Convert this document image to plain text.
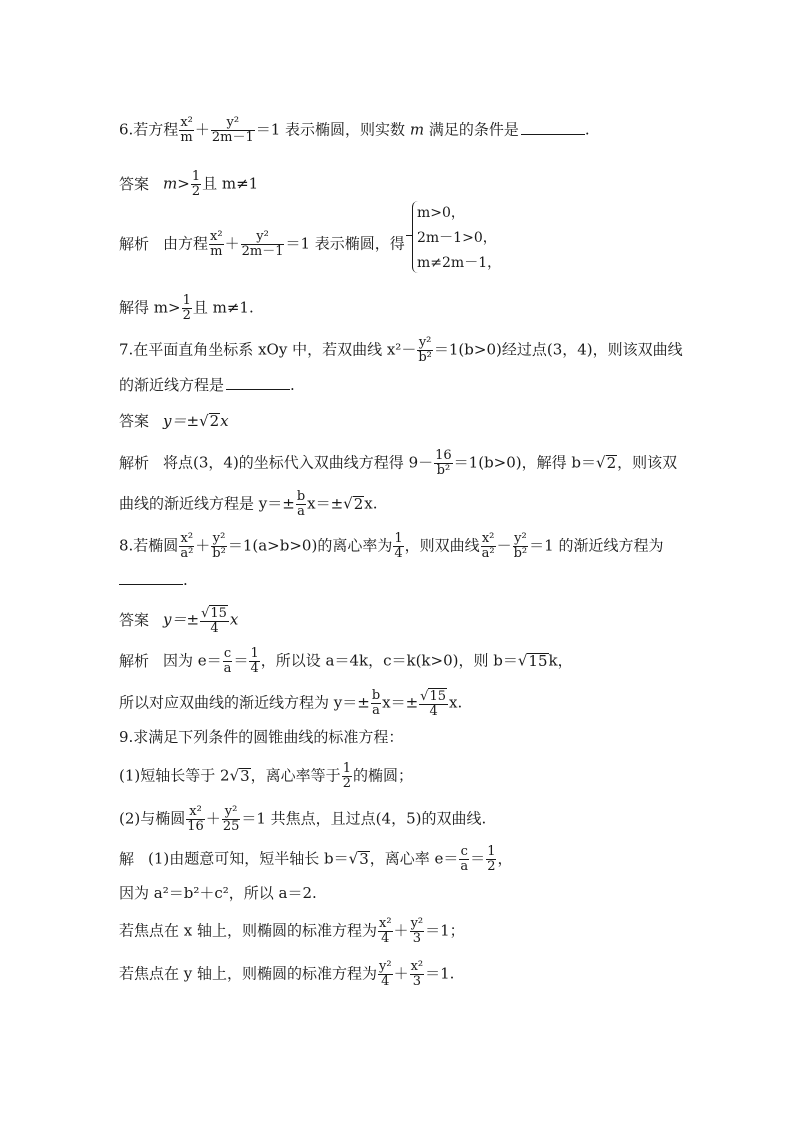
6.若方程 $\frac{\text{x²}}{m} + \frac{\text{y²}}{2m-1} =1$ 表示椭圆，则实数 m 满足的条件是	.
答案 $m> \frac{1}{2}$ 且 m≠1
解析 由方程 $\frac{\text{x²}}{m} + \frac{\text{y²}}{2m-1} =1$ 表示椭圆，得
m>0，
2m－1>0，
m≠2m－1，
解得 $m> \frac{1}{2}$ 且 m≠1.
7.在平面直角坐标系 xOy 中，若双曲线 $x^2- \frac{\text{y²}}{\text{b²}} =1(b>0)$经过点(3，4)，则该双曲线
的渐近线方程是	.
答案 y＝±√2x
解析 将点(3，4)的坐标代入双曲线方程得 $9- \frac{16}{\text{b²}} =1(b>0)$，解得 b＝√2，则该双
曲线的渐近线方程是 $y=\pm \frac{b}{a} x=\pm√2x$.
8.若椭圆 $\frac{\text{x²}}{\text{a²}} + \frac{\text{y²}}{\text{b²}} =1(a>b>0)$的离心率为 $\frac{1}{4}$ ，则双曲线 $\frac{\text{x²}}{\text{a²}} - \frac{\text{y²}}{\text{b²}} =1$ 的渐近线方程为
.
答案 $y=\pm \frac{√15}{4}$ x
解析 因为 $e= \frac{c}{a} = \frac{1}{4}$ ，所以设 a＝4k，c＝k(k>0)，则 b＝√15k，
所以对应双曲线的渐近线方程为 $y=\pm \frac{b}{a} x=\pm \frac{√15}{4} x$.
9.求满足下列条件的圆锥曲线的标准方程：
(1)短轴长等于 2√3，离心率等于 $\frac{1}{2}$ 的椭圆；
(2)与椭圆 $\frac{\text{x²}}{16} + \frac{\text{y²}}{25} =1$ 共焦点，且过点(4，5)的双曲线.
解 (1)由题意可知，短半轴长 b＝√3，离心率 $e= \frac{c}{a} = \frac{1}{2}$ ，
因为 a²＝b²＋c²，所以 a＝2.
若焦点在 x 轴上，则椭圆的标准方程为 $\frac{\text{x²}}{4} + \frac{\text{y²}}{3} =1$；
若焦点在 y 轴上，则椭圆的标准方程为 $\frac{\text{y²}}{4} + \frac{\text{x²}}{3} =1$.
